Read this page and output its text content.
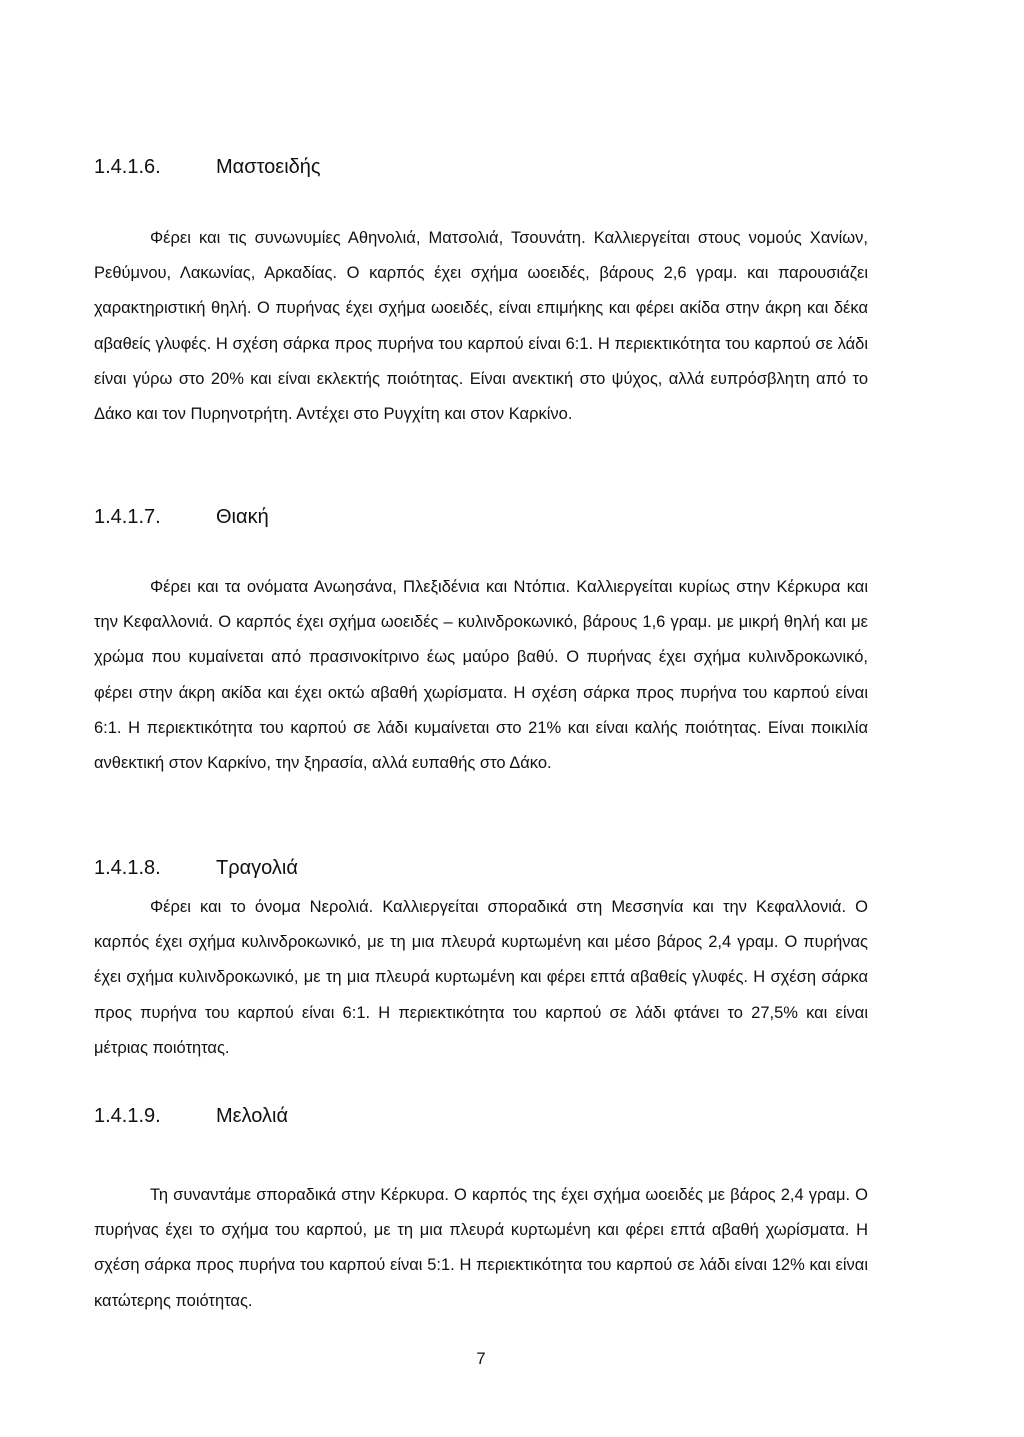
1.4.1.6.	Μαστοειδής

Φέρει και τις συνωνυμίες Αθηνολιά, Ματσολιά, Τσουνάτη. Καλλιεργείται στους νομούς Χανίων, Ρεθύμνου, Λακωνίας, Αρκαδίας. Ο καρπός έχει σχήμα ωοειδές, βάρους 2,6 γραμ. και παρουσιάζει χαρακτηριστική θηλή. Ο πυρήνας έχει σχήμα ωοειδές, είναι επιμήκης και φέρει ακίδα στην άκρη και δέκα αβαθείς γλυφές. Η σχέση σάρκα προς πυρήνα του καρπού είναι 6:1. Η περιεκτικότητα του καρπού σε λάδι είναι γύρω στο 20% και είναι εκλεκτής ποιότητας. Είναι ανεκτική στο ψύχος, αλλά ευπρόσβλητη από το Δάκο και τον Πυρηνοτρήτη. Αντέχει στο Ρυγχίτη και στον Καρκίνο.

1.4.1.7.	Θιακή

Φέρει και τα ονόματα Ανωησάνα, Πλεξιδένια και Ντόπια. Καλλιεργείται κυρίως στην Κέρκυρα και την Κεφαλλονιά. Ο καρπός έχει σχήμα ωοειδές – κυλινδροκωνικό, βάρους 1,6 γραμ. με μικρή θηλή και με χρώμα που κυμαίνεται από πρασινοκίτρινο έως μαύρο βαθύ. Ο πυρήνας έχει σχήμα κυλινδροκωνικό, φέρει στην άκρη ακίδα και έχει οκτώ αβαθή χωρίσματα. Η σχέση σάρκα προς πυρήνα του καρπού είναι 6:1. Η περιεκτικότητα του καρπού σε λάδι κυμαίνεται στο 21% και είναι καλής ποιότητας. Είναι ποικιλία ανθεκτική στον Καρκίνο, την ξηρασία, αλλά ευπαθής στο Δάκο.

1.4.1.8.	Τραγολιά

Φέρει και το όνομα Νερολιά. Καλλιεργείται σποραδικά στη Μεσσηνία και την Κεφαλλονιά. Ο καρπός έχει σχήμα κυλινδροκωνικό, με τη μια πλευρά κυρτωμένη και μέσο βάρος 2,4 γραμ. Ο πυρήνας έχει σχήμα κυλινδροκωνικό, με τη μια πλευρά κυρτωμένη και φέρει επτά αβαθείς γλυφές. Η σχέση σάρκα προς πυρήνα του καρπού είναι 6:1. Η περιεκτικότητα του καρπού σε λάδι φτάνει το 27,5% και είναι μέτριας ποιότητας.

1.4.1.9.	Μελολιά

Τη συναντάμε σποραδικά στην Κέρκυρα. Ο καρπός της έχει σχήμα ωοειδές με βάρος 2,4 γραμ. Ο πυρήνας έχει το σχήμα του καρπού, με τη μια πλευρά κυρτωμένη και φέρει επτά αβαθή χωρίσματα. Η σχέση σάρκα προς πυρήνα του καρπού είναι 5:1. Η περιεκτικότητα του καρπού σε λάδι είναι 12% και είναι κατώτερης ποιότητας.

7
